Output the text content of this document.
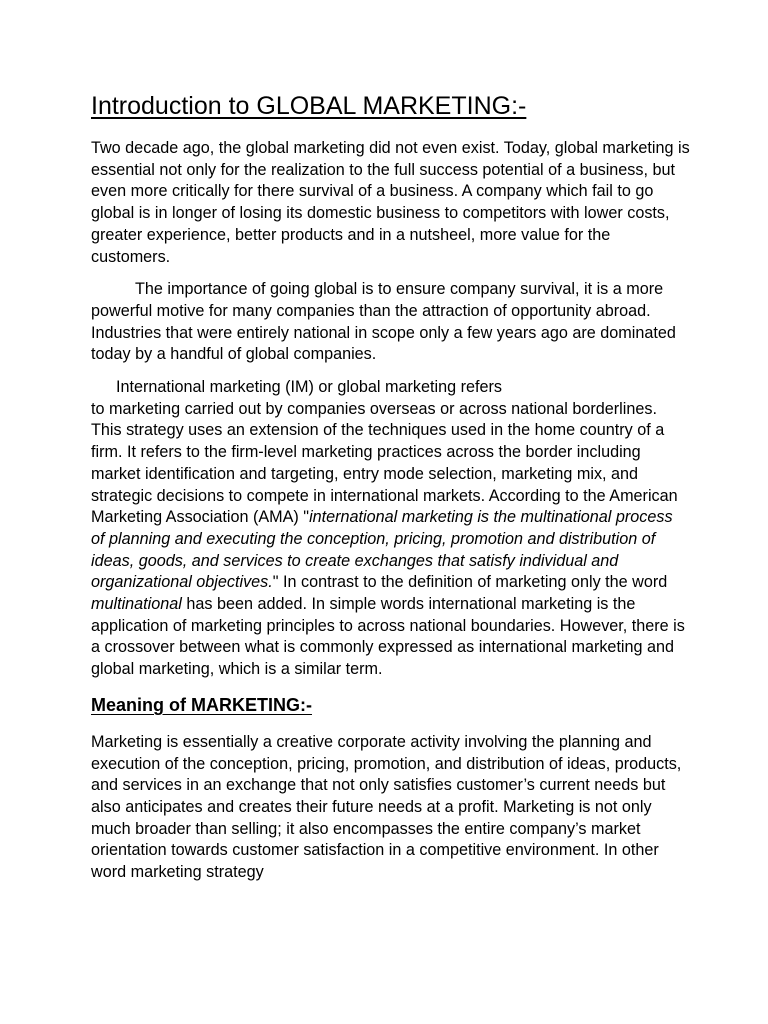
Introduction to GLOBAL MARKETING:-

Two decade ago, the global marketing did not even exist. Today, global marketing is essential not only for the realization to the full success potential of a business, but even more critically for there survival of a business. A company which fail to go global is in longer of losing its domestic business to competitors with lower costs, greater experience, better products and in a nutsheel, more value for the customers.

The importance of going global is to ensure company survival, it is a more powerful motive for many companies than the attraction of opportunity abroad. Industries that were entirely national in scope only a few years ago are dominated today by a handful of global companies.

International marketing (IM) or global marketing refers
to marketing carried out by companies overseas or across national borderlines. This strategy uses an extension of the techniques used in the home country of a firm. It refers to the firm-level marketing practices across the border including market identification and targeting, entry mode selection, marketing mix, and strategic decisions to compete in international markets. According to the American Marketing Association (AMA) "international marketing is the multinational process of planning and executing the conception, pricing, promotion and distribution of ideas, goods, and services to create exchanges that satisfy individual and organizational objectives." In contrast to the definition of marketing only the word multinational has been added. In simple words international marketing is the application of marketing principles to across national boundaries. However, there is a crossover between what is commonly expressed as international marketing and global marketing, which is a similar term.

Meaning of MARKETING:-

Marketing is essentially a creative corporate activity involving the planning and execution of the conception, pricing, promotion, and distribution of ideas, products, and services in an exchange that not only satisfies customer’s current needs but also anticipates and creates their future needs at a profit. Marketing is not only much broader than selling; it also encompasses the entire company’s market orientation towards customer satisfaction in a competitive environment. In other word marketing strategy
